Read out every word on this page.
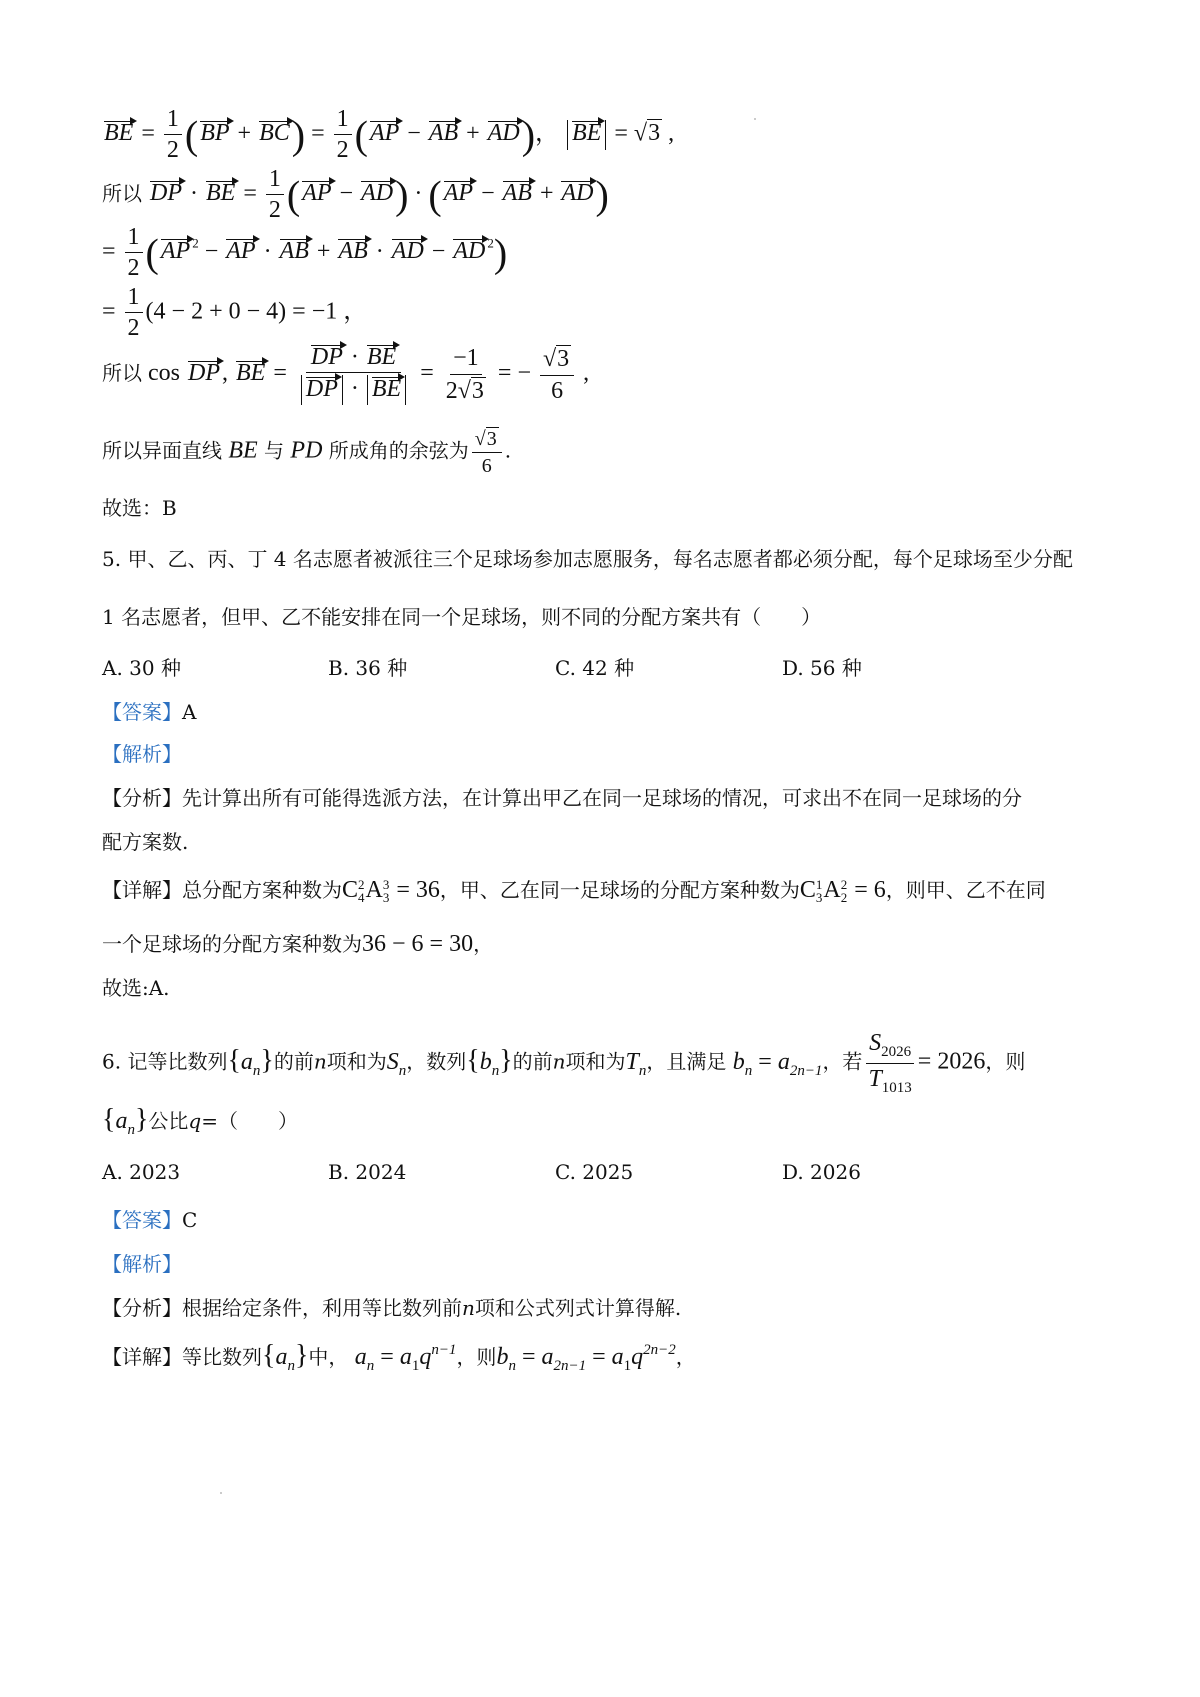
BE = $\frac{1}{2} (BP + BC) = \frac{1}{2} (AP$ − AB + AD)， BE = √3 ,
所以 DP · BE = $\frac{1}{2} (AP - AD) \cdot (AP$ − AB + AD)
= $\frac{1}{2} (AP$ $^2$ − AP · AB + AB · AD − AD $^2$)
= $\frac{1}{2} (4 - 2 + 0 - 4) = -1$ ，
所以 cos DP, BE = $\frac{DP \cdot BE}{DP \cdot BE} = \frac{-1}{2√3}$ = − $\frac{√3}{6}$ ,
所以异面直线 BE 与 PD 所成角的余弦为 $\frac{√3}{6}$ .
故选：B
5. 甲、乙、丙、丁 4 名志愿者被派往三个足球场参加志愿服务，每名志愿者都必须分配，每个足球场至少分配
1 名志愿者，但甲、乙不能安排在同一个足球场，则不同的分配方案共有（　　）
A. 30 种	B. 36 种	C. 42 种	D. 56 种
【答案】A
【解析】
【分析】先计算出所有可能得选派方法，在计算出甲乙在同一足球场的情况，可求出不在同一足球场的分
配方案数.
【详解】总分配方案种数为C 2
4 A 3
3 = 36，甲、乙在同一足球场的分配方案种数为C 1
3 A 2
2 = 6，则甲、乙不在同
一个足球场的分配方案种数为36 − 6 = 30，
故选:A.
6. 记等比数列$\{a_n\}$的前n项和为$S_n$，数列$\{b_n\}$的前n项和为$T_n$，且满足 $b_n = a_{2n-1}$，若 $\frac{S_{2026}}{T_{1013}} = 2026$，则
$\{a_n\}$公比q=（　　）
A. 2023	B. 2024	C. 2025	D. 2026
【答案】C
【解析】
【分析】根据给定条件，利用等比数列前n项和公式列式计算得解.
【详解】等比数列$\{a_n\}$中， $a_n = a_1q^{n-1}$，则$b_n = a_{2n-1} = a_1q^{2n-2}$，
